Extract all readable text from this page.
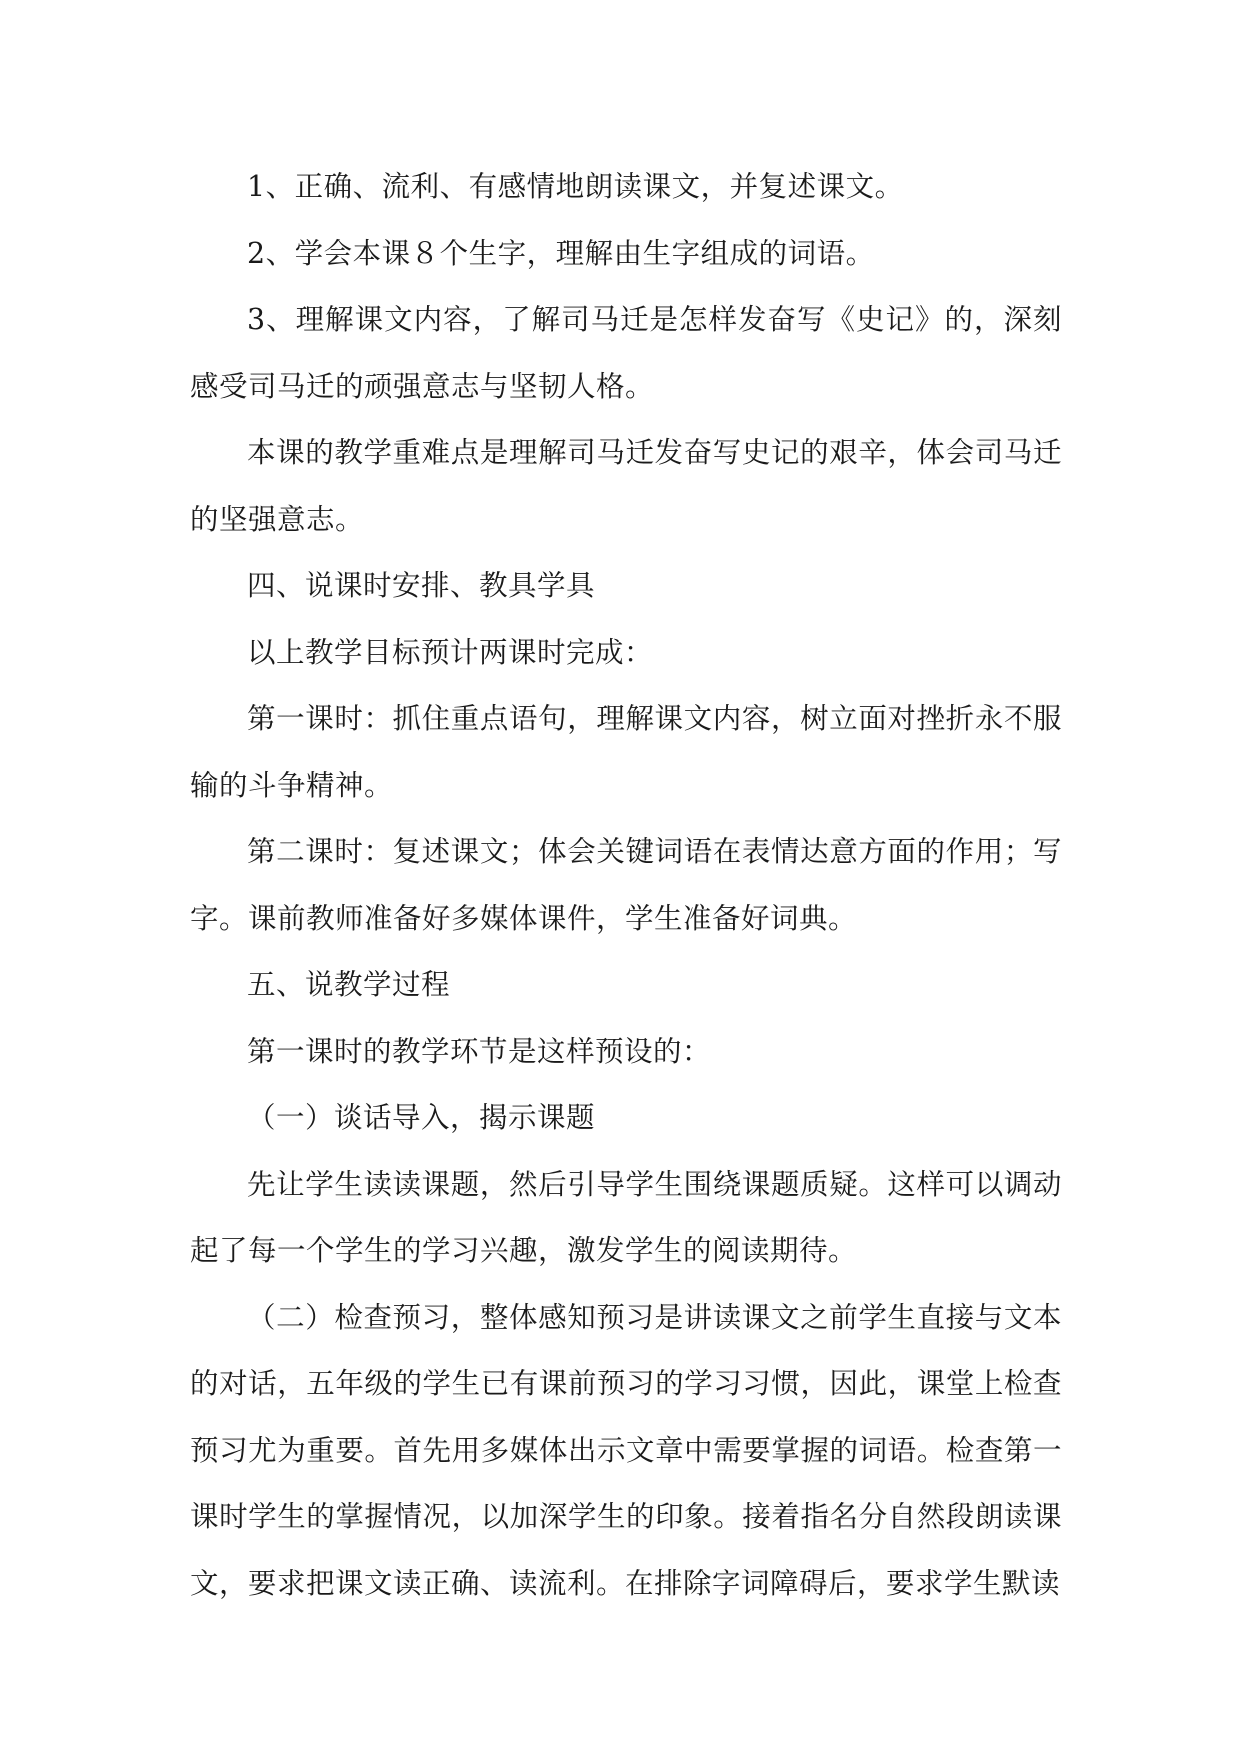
1、正确、流利、有感情地朗读课文，并复述课文。

2、学会本课８个生字，理解由生字组成的词语。

3、理解课文内容，了解司马迁是怎样发奋写《史记》的，深刻感受司马迁的顽强意志与坚韧人格。

本课的教学重难点是理解司马迁发奋写史记的艰辛，体会司马迁的坚强意志。

四、说课时安排、教具学具

以上教学目标预计两课时完成：

第一课时：抓住重点语句，理解课文内容，树立面对挫折永不服输的斗争精神。

第二课时：复述课文；体会关键词语在表情达意方面的作用；写字。课前教师准备好多媒体课件，学生准备好词典。

五、说教学过程

第一课时的教学环节是这样预设的：

（一）谈话导入，揭示课题

先让学生读读课题，然后引导学生围绕课题质疑。这样可以调动起了每一个学生的学习兴趣，激发学生的阅读期待。

（二）检查预习，整体感知预习是讲读课文之前学生直接与文本的对话，五年级的学生已有课前预习的学习习惯，因此，课堂上检查预习尤为重要。首先用多媒体出示文章中需要掌握的词语。检查第一课时学生的掌握情况，以加深学生的印象。接着指名分自然段朗读课文，要求把课文读正确、读流利。在排除字词障碍后，要求学生默读
